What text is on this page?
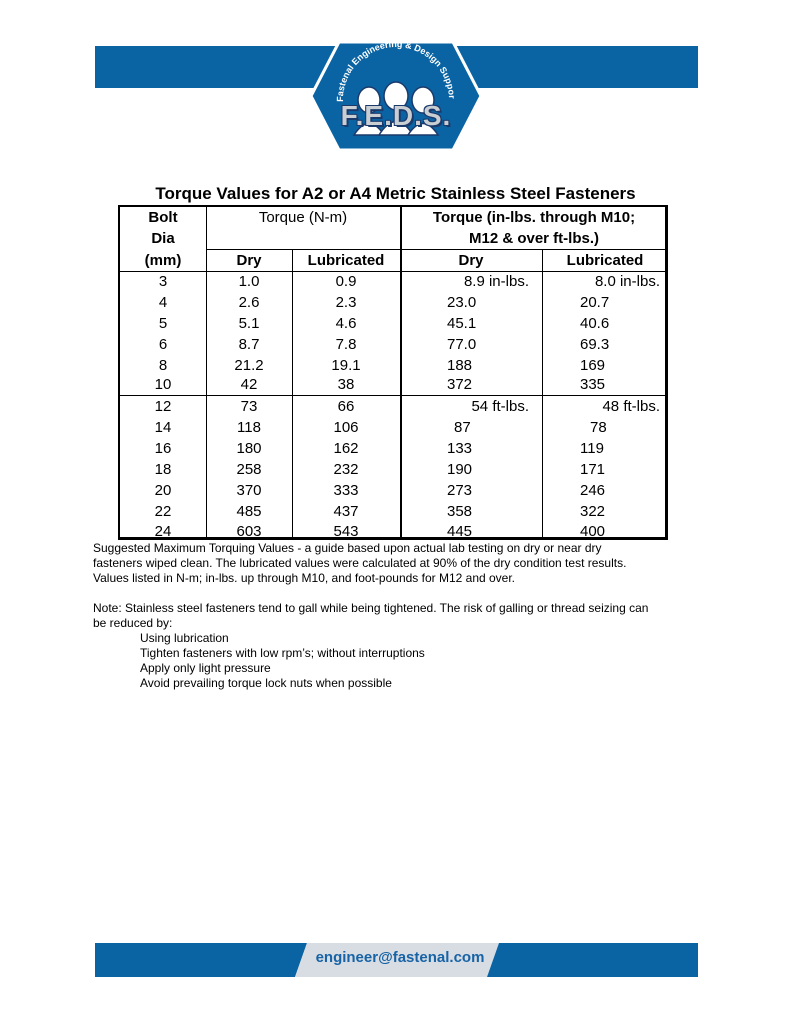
Fastenal Engineering & Design Suppor
F.E.D.S.
Torque Values for A2 or A4 Metric Stainless Steel Fasteners
Bolt
Dia
(mm)
Torque (N-m)	Torque (in-lbs. through M10;
M12 & over ft-lbs.)
Dry	Lubricated	Dry	Lubricated
3	1.0	0.9	8.9 in-lbs.	8.0 in-lbs.
4	2.6	2.3	23.0	20.7
5	5.1	4.6	45.1	40.6
6	8.7	7.8	77.0	69.3
8	21.2	19.1	188	169
10	42	38	372	335
12	73	66	54 ft-lbs.	48 ft-lbs.
14	118	106	87	78
16	180	162	133	119
18	258	232	190	171
20	370	333	273	246
22	485	437	358	322
24	603	543	445	400

Suggested Maximum Torquing Values - a guide based upon actual lab testing on dry or near dry

fasteners wiped clean. The lubricated values were calculated at 90% of the dry condition test results.

Values listed in N-m; in-lbs. up through M10, and foot-pounds for M12 and over.

Note: Stainless steel fasteners tend to gall while being tightened. The risk of galling or thread seizing can

be reduced by:

Using lubrication

Tighten fasteners with low rpm’s; without interruptions

Apply only light pressure

Avoid prevailing torque lock nuts when possible

engineer@fastenal.com
